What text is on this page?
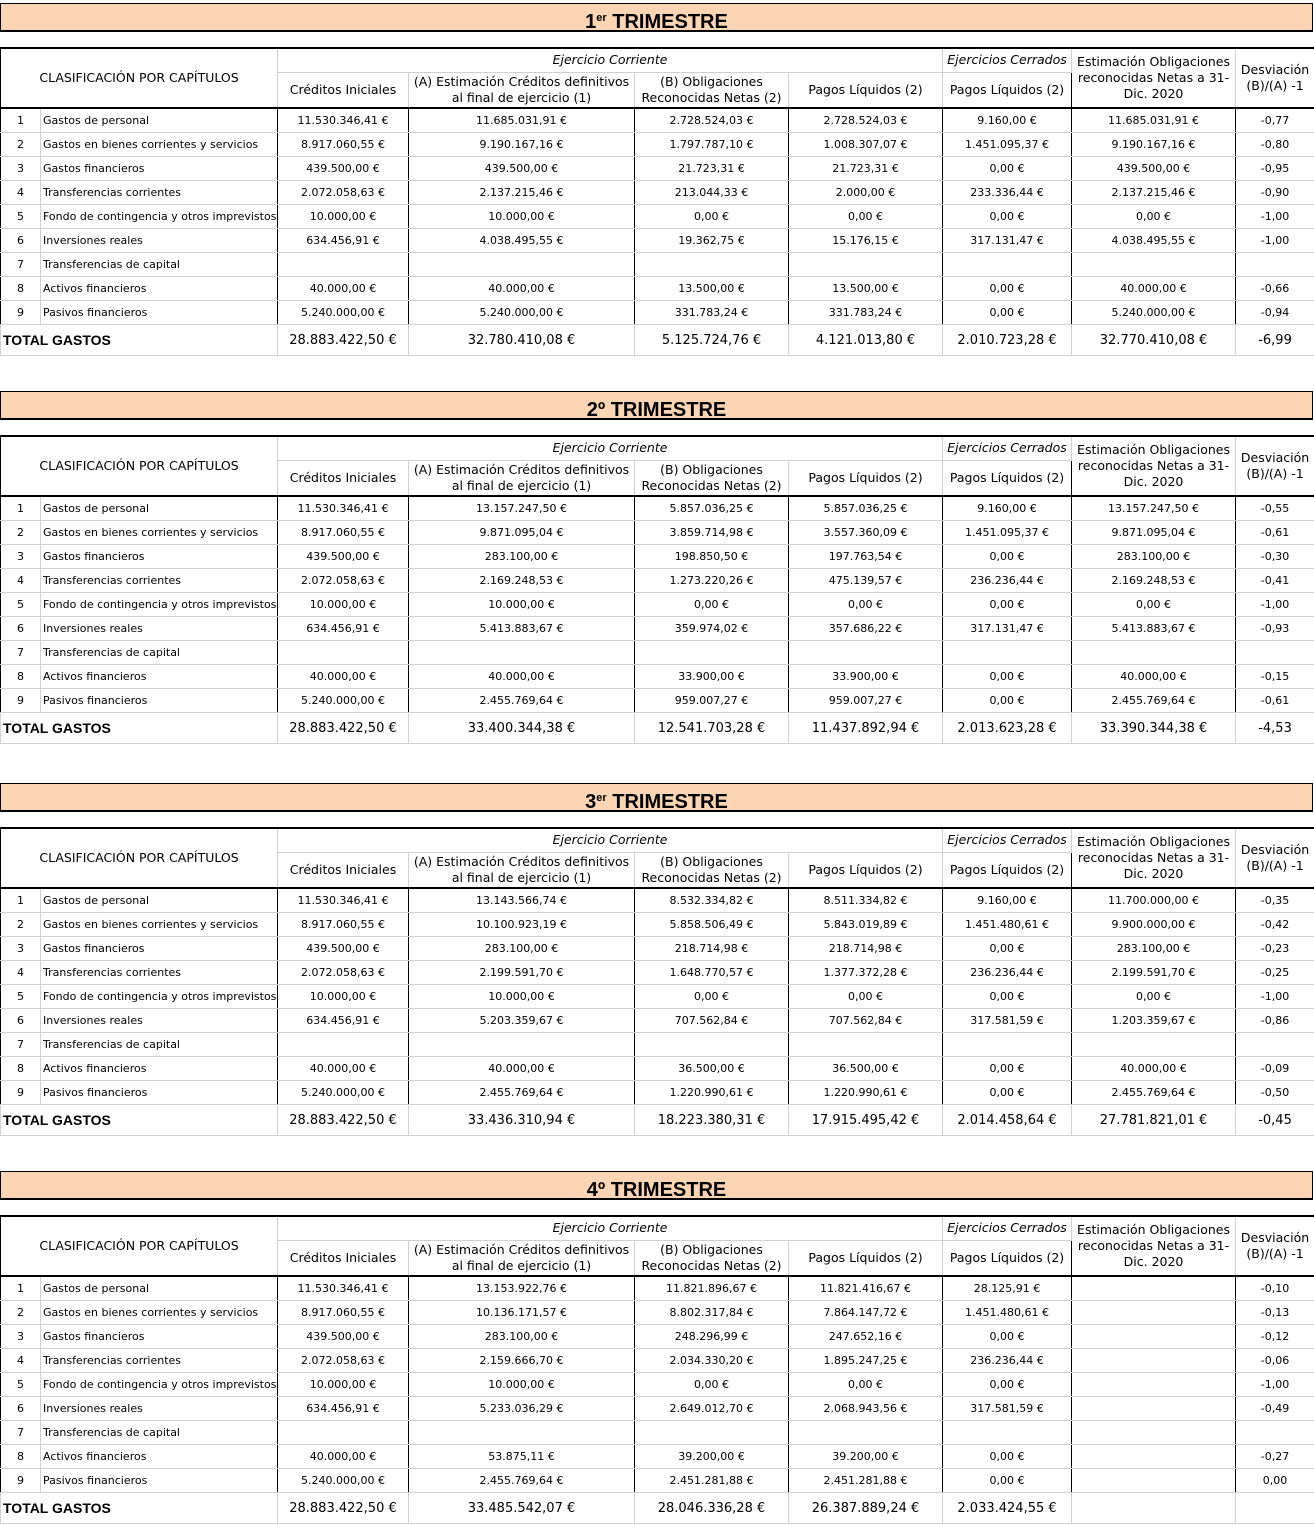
1er TRIMESTRE
CLASIFICACIÓN POR CAPÍTULOS		Ejercicio Corriente				Ejercicios Cerrados	Estimación Obligaciones reconocidas Netas a 31-Dic. 2020	Desviación (B)/(A) -1
		Créditos Iniciales	(A) Estimación Créditos definitivos al final de ejercicio (1)	(B) Obligaciones Reconocidas Netas (2)	Pagos Líquidos (2)	Pagos Líquidos (2)		
1	Gastos de personal	11.530.346,41 €	11.685.031,91 €	2.728.524,03 €	2.728.524,03 €	9.160,00 €	11.685.031,91 €	-0,77
2	Gastos en bienes corrientes y servicios	8.917.060,55 €	9.190.167,16 €	1.797.787,10 €	1.008.307,07 €	1.451.095,37 €	9.190.167,16 €	-0,80
3	Gastos financieros	439.500,00 €	439.500,00 €	21.723,31 €	21.723,31 €	0,00 €	439.500,00 €	-0,95
4	Transferencias corrientes	2.072.058,63 €	2.137.215,46 €	213.044,33 €	2.000,00 €	233.336,44 €	2.137.215,46 €	-0,90
5	Fondo de contingencia y otros imprevistos	10.000,00 €	10.000,00 €	0,00 €	0,00 €	0,00 €	0,00 €	-1,00
6	Inversiones reales	634.456,91 €	4.038.495,55 €	19.362,75 €	15.176,15 €	317.131,47 €	4.038.495,55 €	-1,00
7	Transferencias de capital							
8	Activos financieros	40.000,00 €	40.000,00 €	13.500,00 €	13.500,00 €	0,00 €	40.000,00 €	-0,66
9	Pasivos financieros	5.240.000,00 €	5.240.000,00 €	331.783,24 €	331.783,24 €	0,00 €	5.240.000,00 €	-0,94
TOTAL GASTOS		28.883.422,50 €	32.780.410,08 €	5.125.724,76 €	4.121.013,80 €	2.010.723,28 €	32.770.410,08 €	-6,99
2º TRIMESTRE
CLASIFICACIÓN POR CAPÍTULOS		Ejercicio Corriente				Ejercicios Cerrados	Estimación Obligaciones reconocidas Netas a 31-Dic. 2020	Desviación (B)/(A) -1
		Créditos Iniciales	(A) Estimación Créditos definitivos al final de ejercicio (1)	(B) Obligaciones Reconocidas Netas (2)	Pagos Líquidos (2)	Pagos Líquidos (2)		
1	Gastos de personal	11.530.346,41 €	13.157.247,50 €	5.857.036,25 €	5.857.036,25 €	9.160,00 €	13.157.247,50 €	-0,55
2	Gastos en bienes corrientes y servicios	8.917.060,55 €	9.871.095,04 €	3.859.714,98 €	3.557.360,09 €	1.451.095,37 €	9.871.095,04 €	-0,61
3	Gastos financieros	439.500,00 €	283.100,00 €	198.850,50 €	197.763,54 €	0,00 €	283.100,00 €	-0,30
4	Transferencias corrientes	2.072.058,63 €	2.169.248,53 €	1.273.220,26 €	475.139,57 €	236.236,44 €	2.169.248,53 €	-0,41
5	Fondo de contingencia y otros imprevistos	10.000,00 €	10.000,00 €	0,00 €	0,00 €	0,00 €	0,00 €	-1,00
6	Inversiones reales	634.456,91 €	5.413.883,67 €	359.974,02 €	357.686,22 €	317.131,47 €	5.413.883,67 €	-0,93
7	Transferencias de capital							
8	Activos financieros	40.000,00 €	40.000,00 €	33.900,00 €	33.900,00 €	0,00 €	40.000,00 €	-0,15
9	Pasivos financieros	5.240.000,00 €	2.455.769,64 €	959.007,27 €	959.007,27 €	0,00 €	2.455.769,64 €	-0,61
TOTAL GASTOS		28.883.422,50 €	33.400.344,38 €	12.541.703,28 €	11.437.892,94 €	2.013.623,28 €	33.390.344,38 €	-4,53
3er TRIMESTRE
CLASIFICACIÓN POR CAPÍTULOS		Ejercicio Corriente				Ejercicios Cerrados	Estimación Obligaciones reconocidas Netas a 31-Dic. 2020	Desviación (B)/(A) -1
		Créditos Iniciales	(A) Estimación Créditos definitivos al final de ejercicio (1)	(B) Obligaciones Reconocidas Netas (2)	Pagos Líquidos (2)	Pagos Líquidos (2)		
1	Gastos de personal	11.530.346,41 €	13.143.566,74 €	8.532.334,82 €	8.511.334,82 €	9.160,00 €	11.700.000,00 €	-0,35
2	Gastos en bienes corrientes y servicios	8.917.060,55 €	10.100.923,19 €	5.858.506,49 €	5.843.019,89 €	1.451.480,61 €	9.900.000,00 €	-0,42
3	Gastos financieros	439.500,00 €	283.100,00 €	218.714,98 €	218.714,98 €	0,00 €	283.100,00 €	-0,23
4	Transferencias corrientes	2.072.058,63 €	2.199.591,70 €	1.648.770,57 €	1.377.372,28 €	236.236,44 €	2.199.591,70 €	-0,25
5	Fondo de contingencia y otros imprevistos	10.000,00 €	10.000,00 €	0,00 €	0,00 €	0,00 €	0,00 €	-1,00
6	Inversiones reales	634.456,91 €	5.203.359,67 €	707.562,84 €	707.562,84 €	317.581,59 €	1.203.359,67 €	-0,86
7	Transferencias de capital							
8	Activos financieros	40.000,00 €	40.000,00 €	36.500,00 €	36.500,00 €	0,00 €	40.000,00 €	-0,09
9	Pasivos financieros	5.240.000,00 €	2.455.769,64 €	1.220.990,61 €	1.220.990,61 €	0,00 €	2.455.769,64 €	-0,50
TOTAL GASTOS		28.883.422,50 €	33.436.310,94 €	18.223.380,31 €	17.915.495,42 €	2.014.458,64 €	27.781.821,01 €	-0,45
4º TRIMESTRE
CLASIFICACIÓN POR CAPÍTULOS		Ejercicio Corriente				Ejercicios Cerrados	Estimación Obligaciones reconocidas Netas a 31-Dic. 2020	Desviación (B)/(A) -1
		Créditos Iniciales	(A) Estimación Créditos definitivos al final de ejercicio (1)	(B) Obligaciones Reconocidas Netas (2)	Pagos Líquidos (2)	Pagos Líquidos (2)		
1	Gastos de personal	11.530.346,41 €	13.153.922,76 €	11.821.896,67 €	11.821.416,67 €	28.125,91 €		-0,10
2	Gastos en bienes corrientes y servicios	8.917.060,55 €	10.136.171,57 €	8.802.317,84 €	7.864.147,72 €	1.451.480,61 €		-0,13
3	Gastos financieros	439.500,00 €	283.100,00 €	248.296,99 €	247.652,16 €	0,00 €		-0,12
4	Transferencias corrientes	2.072.058,63 €	2.159.666,70 €	2.034.330,20 €	1.895.247,25 €	236.236,44 €		-0,06
5	Fondo de contingencia y otros imprevistos	10.000,00 €	10.000,00 €	0,00 €	0,00 €	0,00 €		-1,00
6	Inversiones reales	634.456,91 €	5.233.036,29 €	2.649.012,70 €	2.068.943,56 €	317.581,59 €		-0,49
7	Transferencias de capital							
8	Activos financieros	40.000,00 €	53.875,11 €	39.200,00 €	39.200,00 €	0,00 €		-0,27
9	Pasivos financieros	5.240.000,00 €	2.455.769,64 €	2.451.281,88 €	2.451.281,88 €	0,00 €		0,00
TOTAL GASTOS		28.883.422,50 €	33.485.542,07 €	28.046.336,28 €	26.387.889,24 €	2.033.424,55 €		
